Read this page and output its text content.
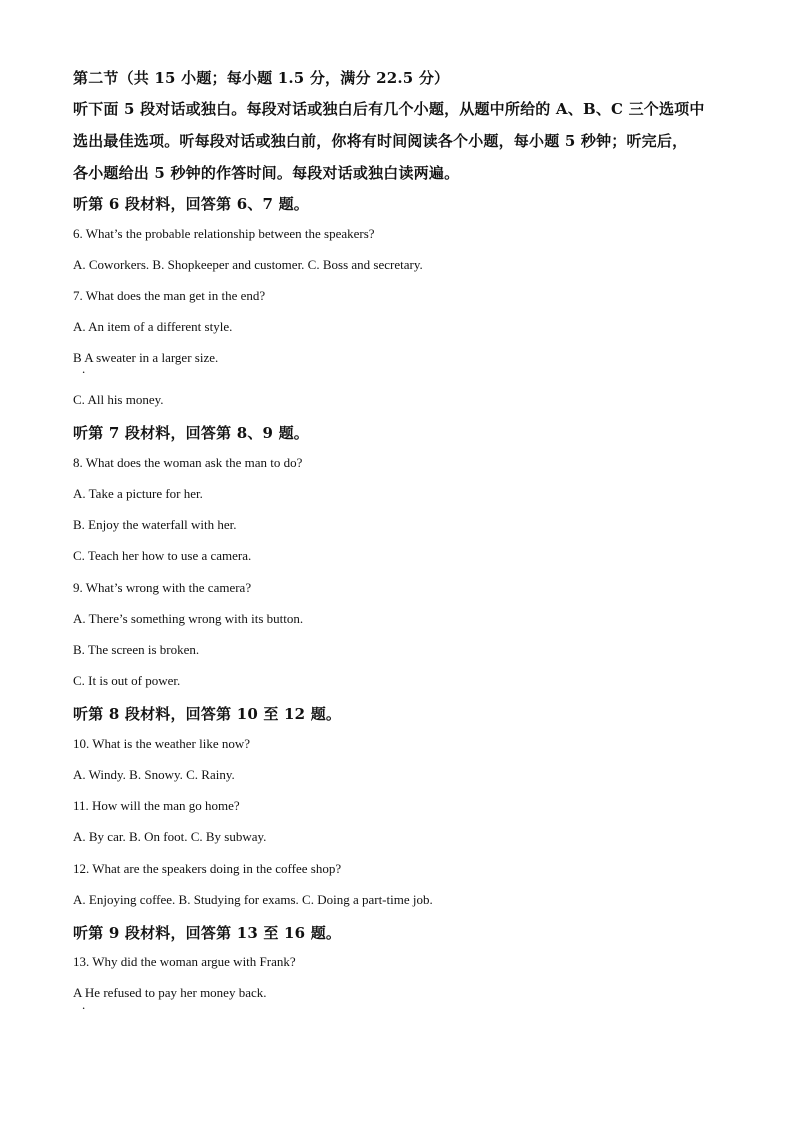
第二节（共 15 小题；每小题 1.5 分，满分 22.5 分）
听下面 5 段对话或独白。每段对话或独白后有几个小题，从题中所给的 A、B、C 三个选项中
选出最佳选项。听每段对话或独白前，你将有时间阅读各个小题，每小题 5 秒钟；听完后，
各小题给出 5 秒钟的作答时间。每段对话或独白读两遍。
听第 6 段材料，回答第 6、7 题。
6. What’s the probable relationship between the speakers?
A. Coworkers. B. Shopkeeper and customer. C. Boss and secretary.
7. What does the man get in the end?
A. An item of a different style.
B A sweater in a larger size.
.
C. All his money.
听第 7 段材料，回答第 8、9 题。
8. What does the woman ask the man to do?
A. Take a picture for her.
B. Enjoy the waterfall with her.
C. Teach her how to use a camera.
9. What’s wrong with the camera?
A. There’s something wrong with its button.
B. The screen is broken.
C. It is out of power.
听第 8 段材料，回答第 10 至 12 题。
10. What is the weather like now?
A. Windy. B. Snowy. C. Rainy.
11. How will the man go home?
A. By car. B. On foot. C. By subway.
12. What are the speakers doing in the coffee shop?
A. Enjoying coffee. B. Studying for exams. C. Doing a part-time job.
听第 9 段材料，回答第 13 至 16 题。
13. Why did the woman argue with Frank?
A He refused to pay her money back.
.
